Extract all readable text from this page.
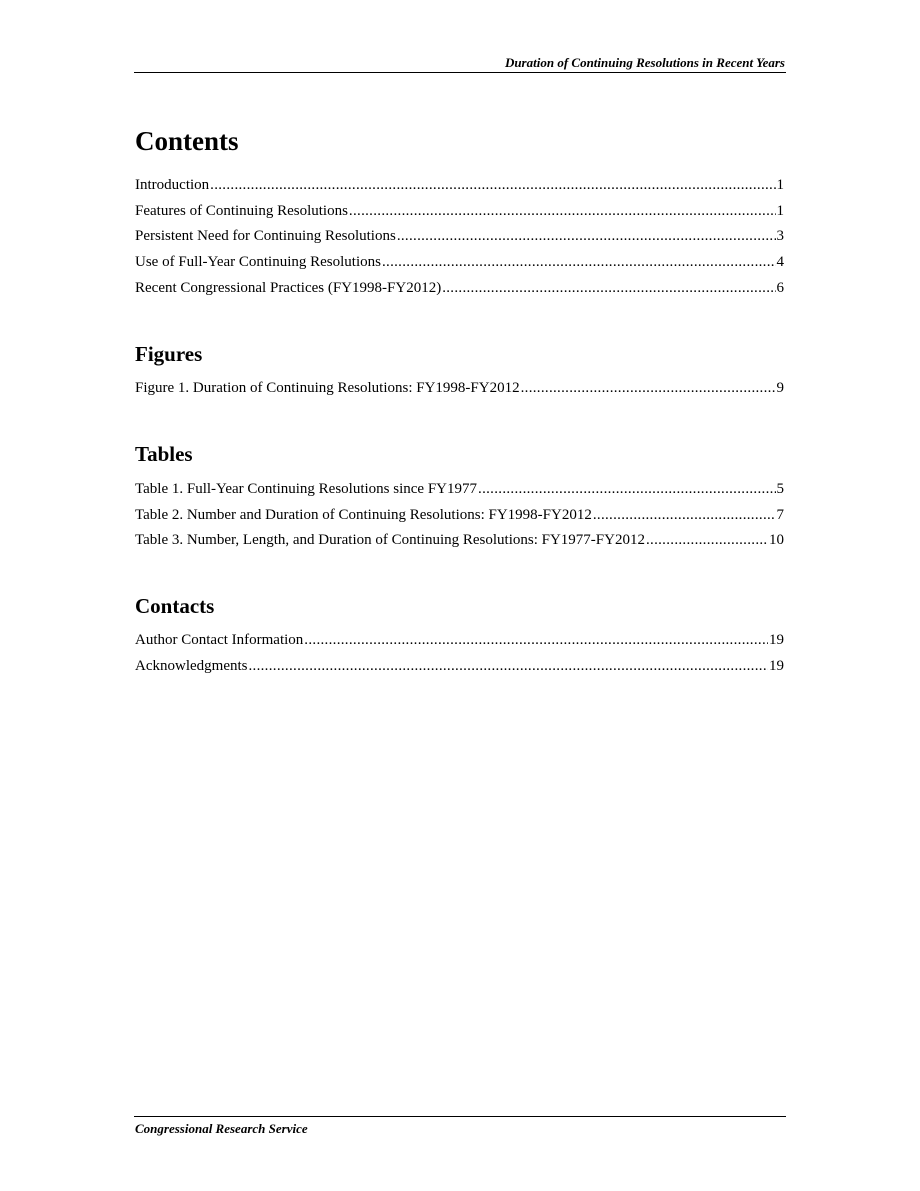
Duration of Continuing Resolutions in Recent Years
Contents
Introduction .....	1
Features of Continuing Resolutions .....	1
Persistent Need for Continuing Resolutions .....	3
Use of Full-Year Continuing Resolutions .....	4
Recent Congressional Practices (FY1998-FY2012) .....	6
Figures
Figure 1. Duration of Continuing Resolutions: FY1998-FY2012 .....	9
Tables
Table 1. Full-Year Continuing Resolutions since FY1977 .....	5
Table 2. Number and Duration of Continuing Resolutions: FY1998-FY2012 .....	7
Table 3. Number, Length, and Duration of Continuing Resolutions: FY1977-FY2012 .....	10
Contacts
Author Contact Information .....	19
Acknowledgments .....	19
Congressional Research Service
